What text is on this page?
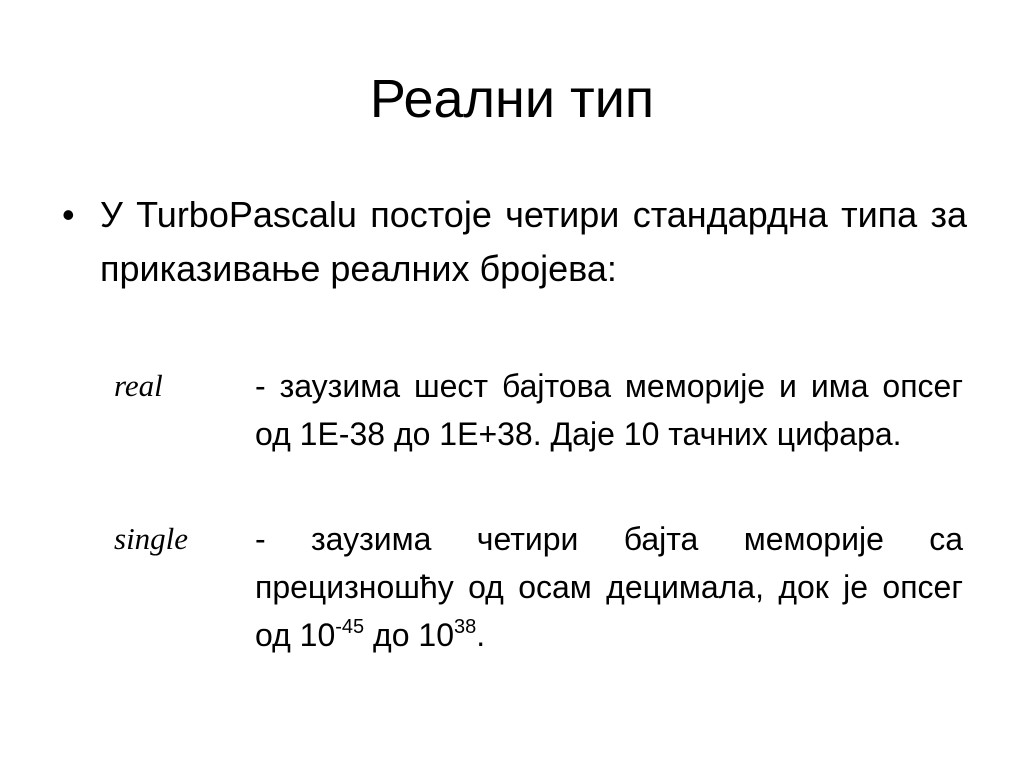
Реални тип
• У TurboPascalu постоје четири стандардна типа за приказивање реалних бројева:
real	- заузима шест бајтова меморије и има опсег од 1Е-38 до 1Е+38. Даје 10 тачних цифара.
single - заузима четири бајта меморије са прецизношћу од осам децимала, док је опсег од $10^{-45}$ до $10^{38}$.
